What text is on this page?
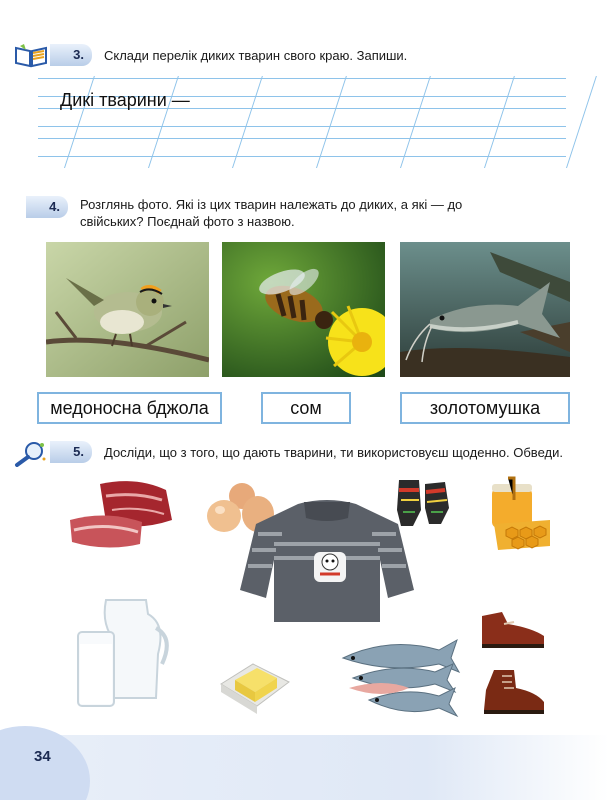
3.	Склади перелік диких тварин свого краю. Запиши.
Дикі тварини —
4.	Розглянь фото. Які із цих тварин належать до диких, а які — до свійських? Поєднай фото з назвою.
медоносна бджола	сом	золотомушка
5.	Досліди, що з того, що дають тварини, ти використовуєш щоденно. Обведи.
34
